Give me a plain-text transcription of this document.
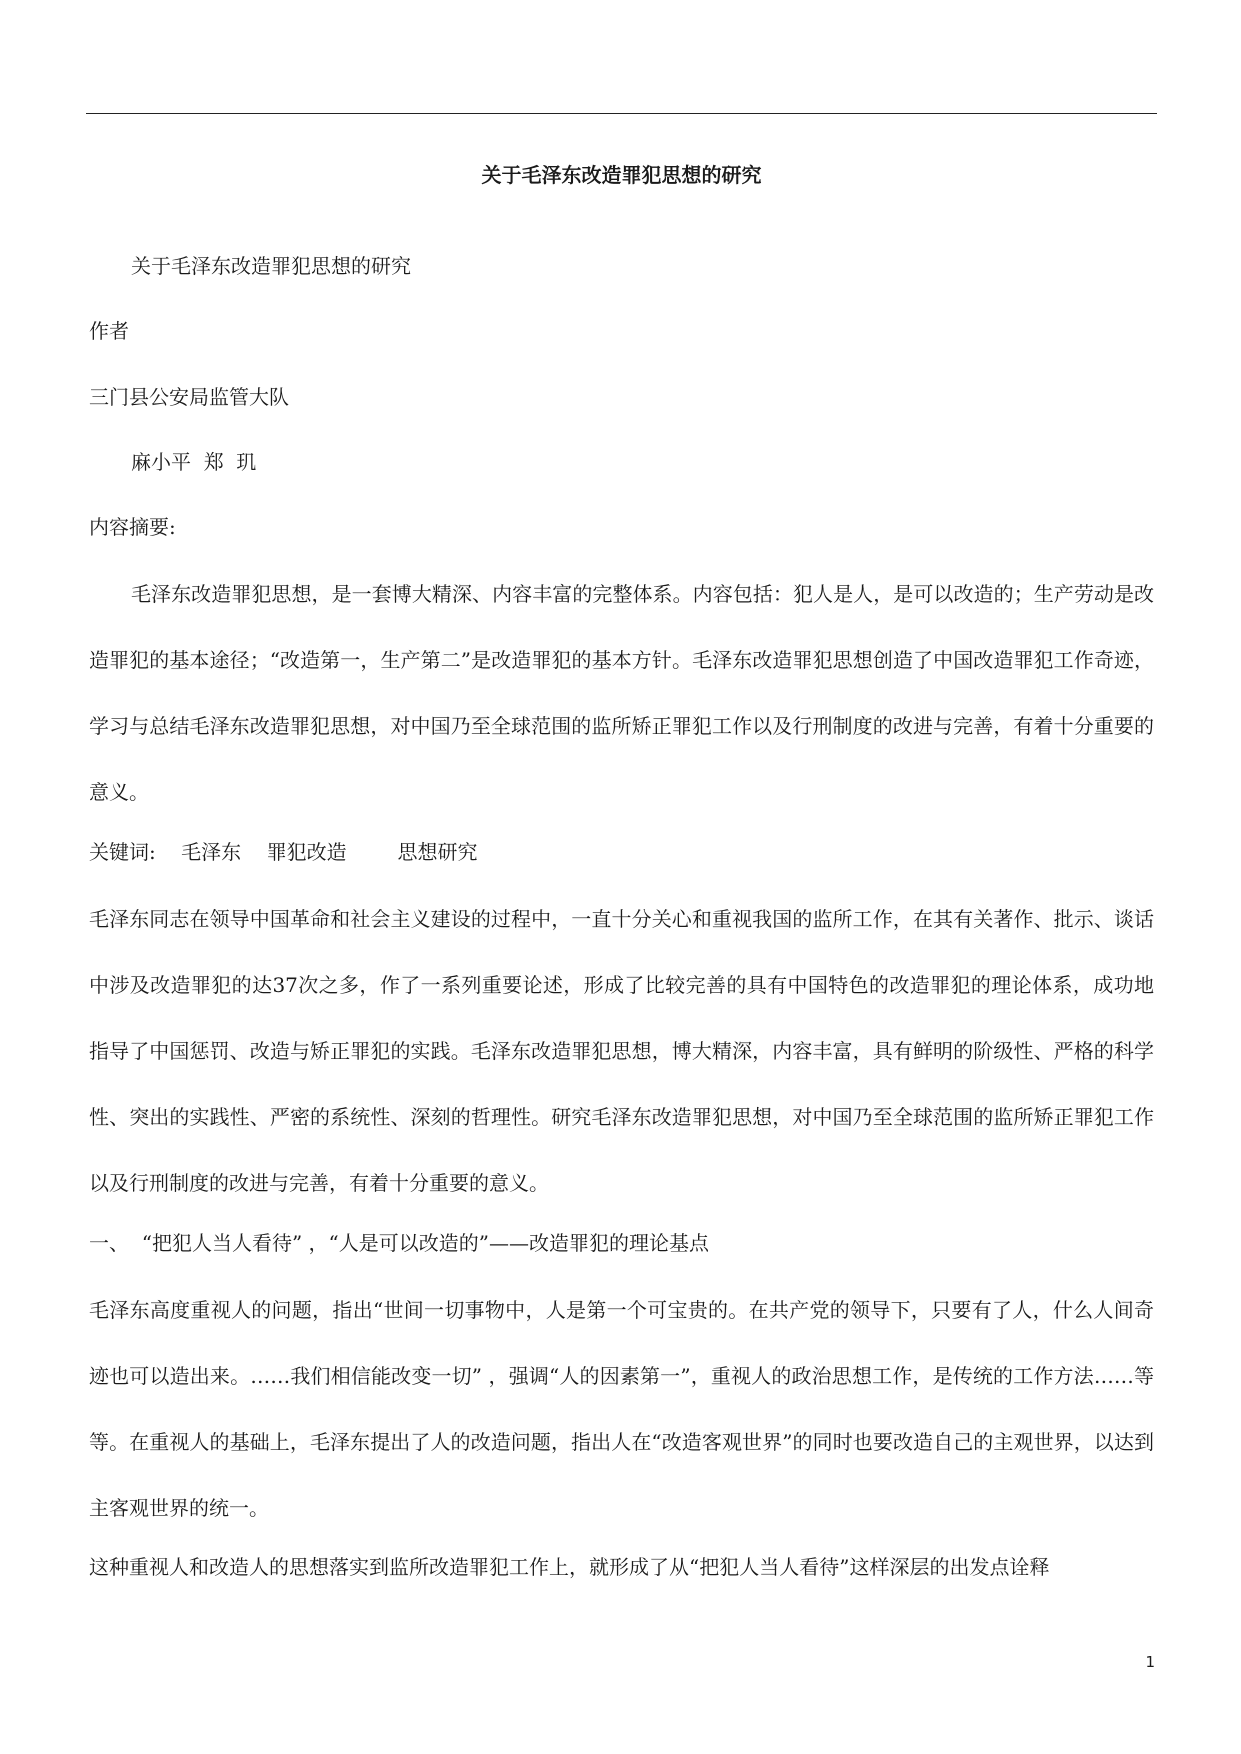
关于毛泽东改造罪犯思想的研究

关于毛泽东改造罪犯思想的研究

作者

三门县公安局监管大队

麻小平  郑  玑

内容摘要:

毛泽东改造罪犯思想，是一套博大精深、内容丰富的完整体系。内容包括：犯人是人，是可以改造的；生产劳动是改造罪犯的基本途径；“改造第一，生产第二”是改造罪犯的基本方针。毛泽东改造罪犯思想创造了中国改造罪犯工作奇迹，学习与总结毛泽东改造罪犯思想，对中国乃至全球范围的监所矫正罪犯工作以及行刑制度的改进与完善，有着十分重要的意义。

关键词:    毛泽东    罪犯改造        思想研究

毛泽东同志在领导中国革命和社会主义建设的过程中，一直十分关心和重视我国的监所工作，在其有关著作、批示、谈话中涉及改造罪犯的达37次之多，作了一系列重要论述，形成了比较完善的具有中国特色的改造罪犯的理论体系，成功地指导了中国惩罚、改造与矫正罪犯的实践。毛泽东改造罪犯思想，博大精深，内容丰富，具有鲜明的阶级性、严格的科学性、突出的实践性、严密的系统性、深刻的哲理性。研究毛泽东改造罪犯思想，对中国乃至全球范围的监所矫正罪犯工作以及行刑制度的改进与完善，有着十分重要的意义。

一、  “把犯人当人看待” ，“人是可以改造的”——改造罪犯的理论基点

毛泽东高度重视人的问题，指出“世间一切事物中，人是第一个可宝贵的。在共产党的领导下，只要有了人，什么人间奇迹也可以造出来。……我们相信能改变一切” ，强调“人的因素第一”，重视人的政治思想工作，是传统的工作方法……等等。在重视人的基础上，毛泽东提出了人的改造问题，指出人在“改造客观世界”的同时也要改造自己的主观世界，以达到主客观世界的统一。

这种重视人和改造人的思想落实到监所改造罪犯工作上，就形成了从“把犯人当人看待”这样深层的出发点诠释

1
